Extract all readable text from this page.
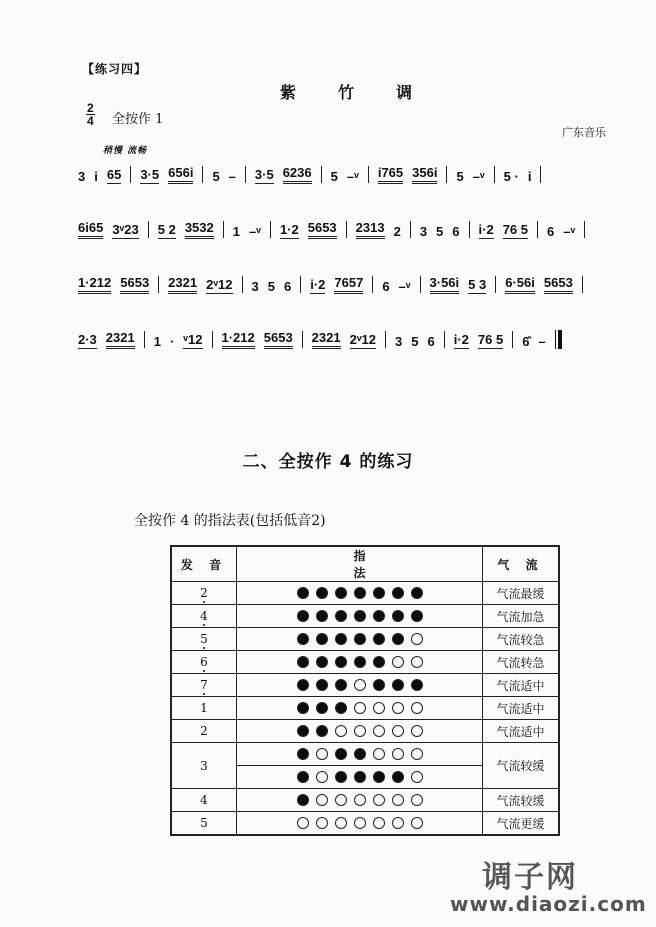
【练习四】
紫	竹	调
2
4 全按作 1
广东音乐
稍慢 流畅
3 i 65 3·5 656i 5 – 3·5 6236 5 –ᵛ i765 356i 5 –ᵛ 5 · i
6i65 3ᵛ23 5 2 3532 1 –ᵛ 1·2 5653 2313 2 3 5 6 i·2 76 5 6 –ᵛ
1·212 5653 2321 2ᵛ12 3 5 6 i·2 7657 6 –ᵛ 3·56i 5 3 6·56i 5653
2·3 2321 1 · ᵛ12 1·212 5653 2321 2ᵛ12 3 5 6 i·2 76 5 6̂ –
二、全按作 4 的练习
全按作 4 的指法表(包括低音2)
发 音	指 法	气 流
2		气流最缓
4		气流加急
5		气流较急
6		气流转急
7		气流适中
1		气流适中
2		气流适中
3		气流较缓

4		气流较缓
5		气流更缓
调子网
www.diaozi.com
